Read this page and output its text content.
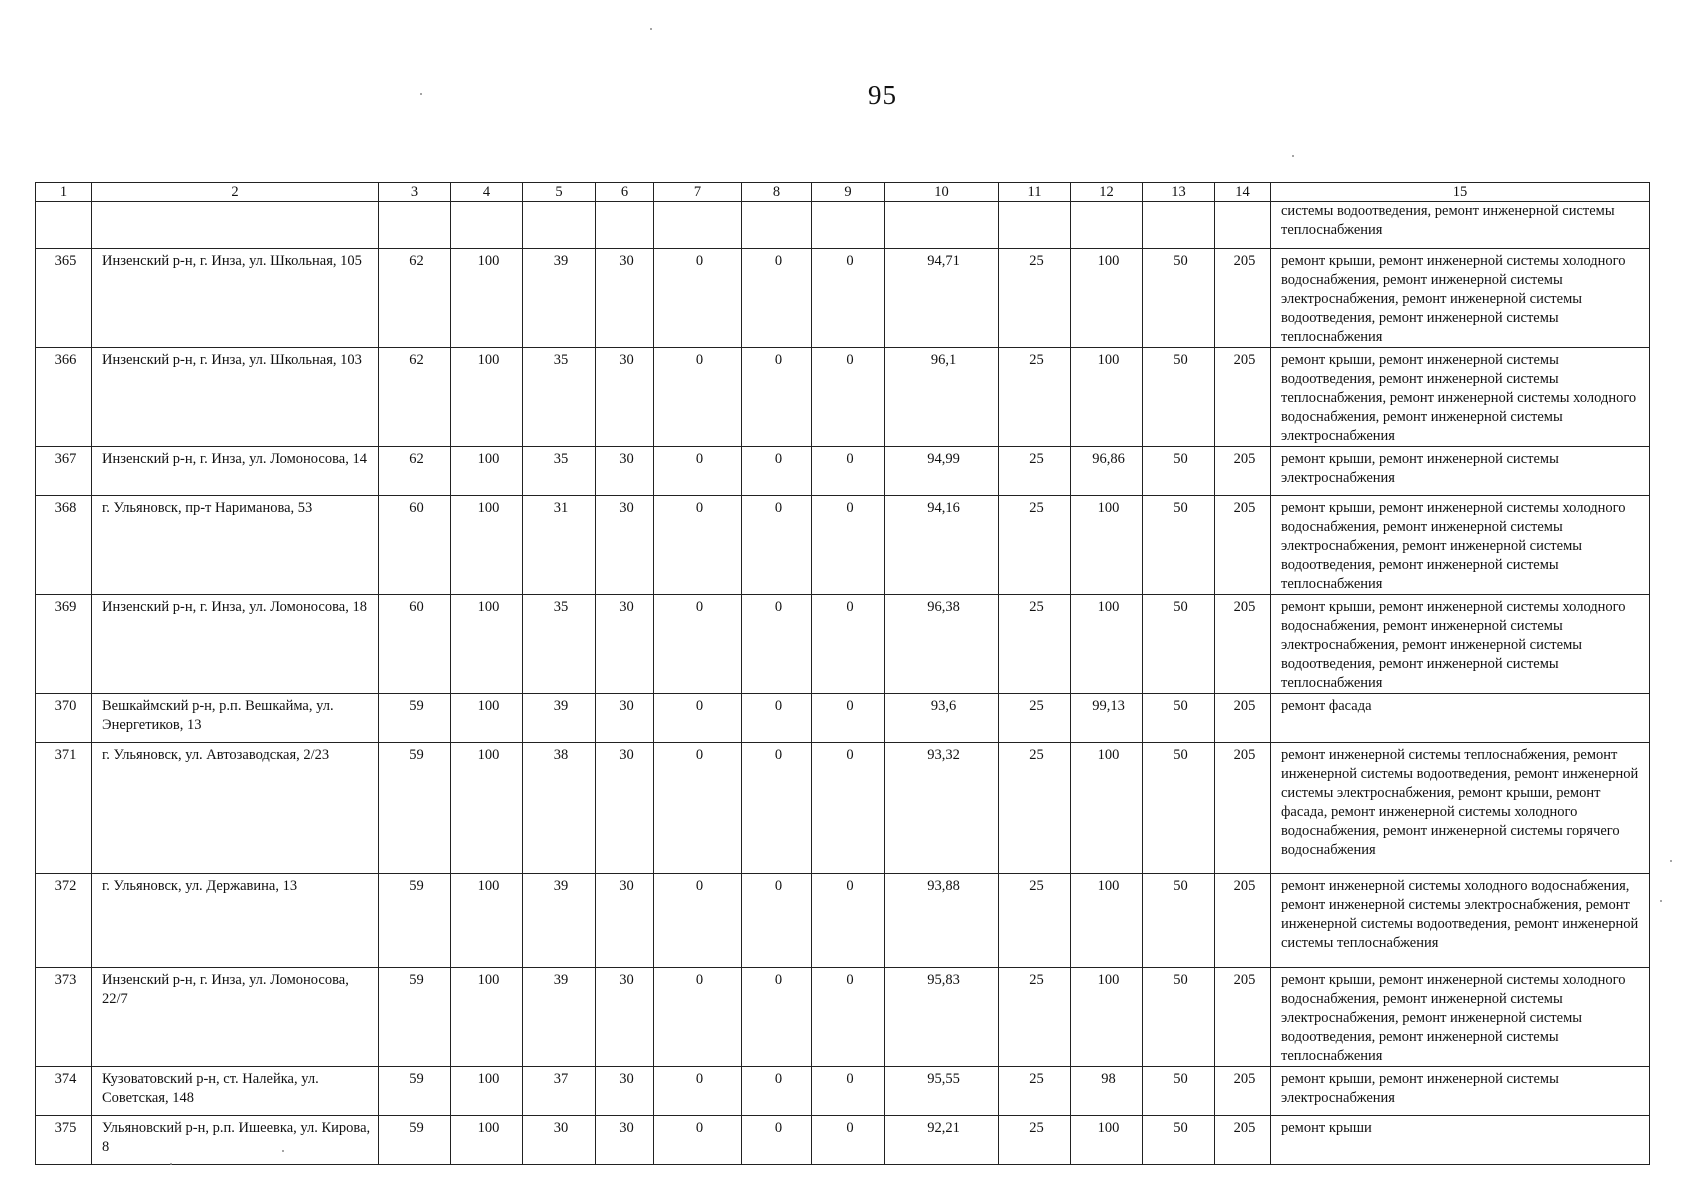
95
1	2	3	4	5	6	7	8	9	10	11	12	13	14	15
														системы водоотведения, ремонт инженерной системы теплоснабжения
365	Инзенский р-н, г. Инза, ул. Школьная, 105	62	100	39	30	0	0	0	94,71	25	100	50	205	ремонт крыши, ремонт инженерной системы холодного водоснабжения, ремонт инженерной системы электроснабжения, ремонт инженерной системы водоотведения, ремонт инженерной системы теплоснабжения
366	Инзенский р-н, г. Инза, ул. Школьная, 103	62	100	35	30	0	0	0	96,1	25	100	50	205	ремонт крыши, ремонт инженерной системы водоотведения, ремонт инженерной системы теплоснабжения, ремонт инженерной системы холодного водоснабжения, ремонт инженерной системы электроснабжения
367	Инзенский р-н, г. Инза, ул. Ломоносова, 14	62	100	35	30	0	0	0	94,99	25	96,86	50	205	ремонт крыши, ремонт инженерной системы электроснабжения
368	г. Ульяновск, пр-т Нариманова, 53	60	100	31	30	0	0	0	94,16	25	100	50	205	ремонт крыши, ремонт инженерной системы холодного водоснабжения, ремонт инженерной системы электроснабжения, ремонт инженерной системы водоотведения, ремонт инженерной системы теплоснабжения
369	Инзенский р-н, г. Инза, ул. Ломоносова, 18	60	100	35	30	0	0	0	96,38	25	100	50	205	ремонт крыши, ремонт инженерной системы холодного водоснабжения, ремонт инженерной системы электроснабжения, ремонт инженерной системы водоотведения, ремонт инженерной системы теплоснабжения
370	Вешкаймский р-н, р.п. Вешкайма, ул. Энергетиков, 13	59	100	39	30	0	0	0	93,6	25	99,13	50	205	ремонт фасада
371	г. Ульяновск, ул. Автозаводская, 2/23	59	100	38	30	0	0	0	93,32	25	100	50	205	ремонт инженерной системы теплоснабжения, ремонт инженерной системы водоотведения, ремонт инженерной системы электроснабжения, ремонт крыши, ремонт фасада, ремонт инженерной системы холодного водоснабжения, ремонт инженерной системы горячего водоснабжения
372	г. Ульяновск, ул. Державина, 13	59	100	39	30	0	0	0	93,88	25	100	50	205	ремонт инженерной системы холодного водоснабжения, ремонт инженерной системы электроснабжения, ремонт инженерной системы водоотведения, ремонт инженерной системы теплоснабжения
373	Инзенский р-н, г. Инза, ул. Ломоносова, 22/7	59	100	39	30	0	0	0	95,83	25	100	50	205	ремонт крыши, ремонт инженерной системы холодного водоснабжения, ремонт инженерной системы электроснабжения, ремонт инженерной системы водоотведения, ремонт инженерной системы теплоснабжения
374	Кузоватовский р-н, ст. Налейка, ул. Советская, 148	59	100	37	30	0	0	0	95,55	25	98	50	205	ремонт крыши, ремонт инженерной системы электроснабжения
375	Ульяновский р-н, р.п. Ишеевка, ул. Кирова, 8	59	100	30	30	0	0	0	92,21	25	100	50	205	ремонт крыши
